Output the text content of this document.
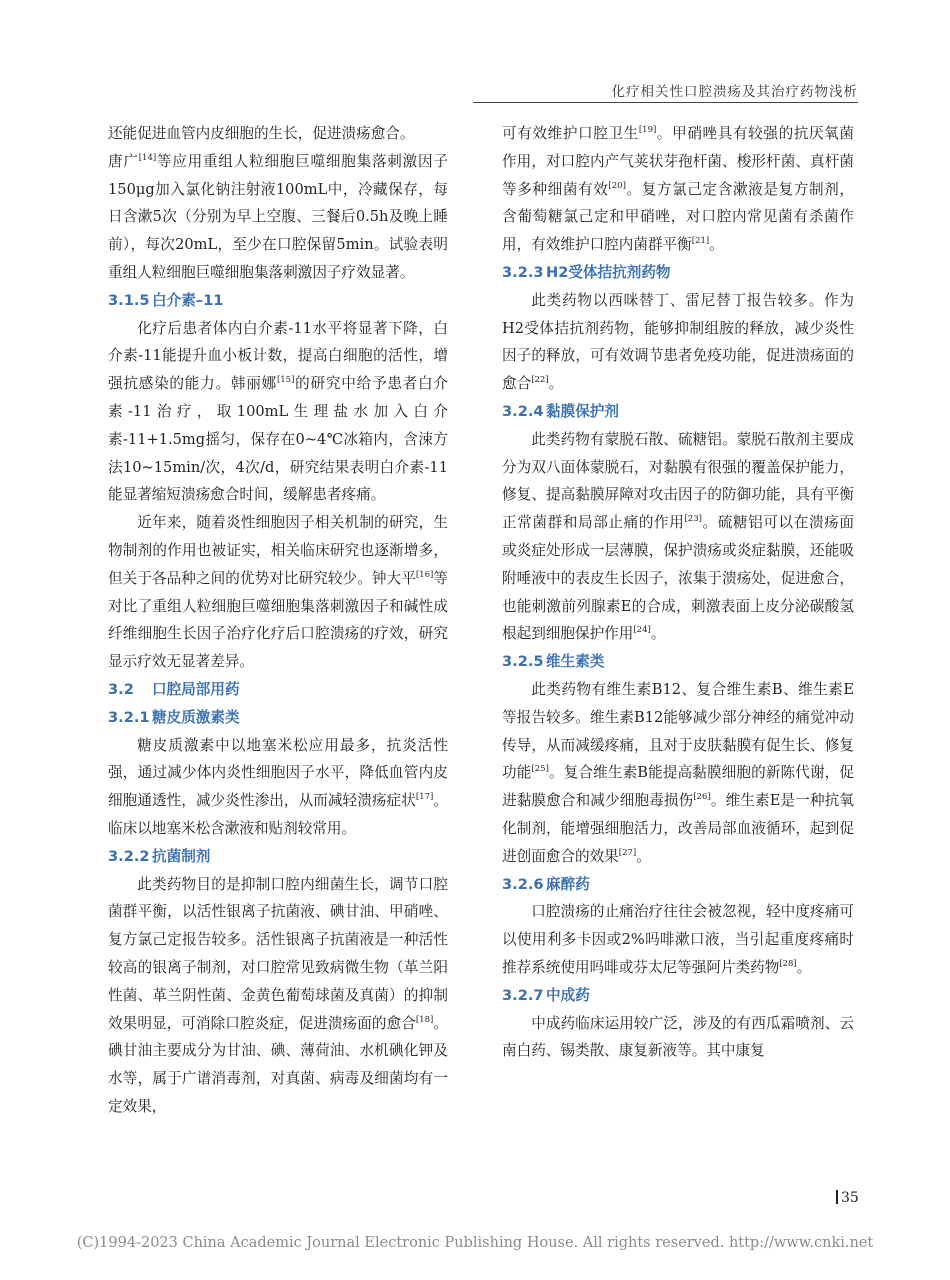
化疗相关性口腔溃疡及其治疗药物浅析

还能促进血管内皮细胞的生长，促进溃疡愈合。

唐广[14]等应用重组人粒细胞巨噬细胞集落刺激因子150μg加入氯化钠注射液100mL中，冷藏保存，每日含漱5次（分别为早上空腹、三餐后0.5h及晚上睡前），每次20mL，至少在口腔保留5min。试验表明重组人粒细胞巨噬细胞集落刺激因子疗效显著。

3.1.5 白介素–11

化疗后患者体内白介素-11水平将显著下降，白介素-11能提升血小板计数，提高白细胞的活性，增强抗感染的能力。韩丽娜[15]的研究中给予患者白介素-11治疗，取100mL生理盐水加入白介素-11+1.5mg摇匀，保存在0~4℃冰箱内，含涑方法10~15min/次，4次/d，研究结果表明白介素-11能显著缩短溃疡愈合时间，缓解患者疼痛。

近年来，随着炎性细胞因子相关机制的研究，生物制剂的作用也被证实，相关临床研究也逐渐增多，但关于各品种之间的优势对比研究较少。钟大平[16]等对比了重组人粒细胞巨噬细胞集落刺激因子和碱性成纤维细胞生长因子治疗化疗后口腔溃疡的疗效，研究显示疗效无显著差异。

3.2 口腔局部用药
3.2.1 糖皮质激素类

糖皮质激素中以地塞米松应用最多，抗炎活性强，通过减少体内炎性细胞因子水平，降低血管内皮细胞通透性，减少炎性渗出，从而减轻溃疡症状[17]。临床以地塞米松含漱液和贴剂较常用。

3.2.2 抗菌制剂

此类药物目的是抑制口腔内细菌生长，调节口腔菌群平衡，以活性银离子抗菌液、碘甘油、甲硝唑、复方氯己定报告较多。活性银离子抗菌液是一种活性较高的银离子制剂，对口腔常见致病微生物（革兰阳性菌、革兰阴性菌、金黄色葡萄球菌及真菌）的抑制效果明显，可消除口腔炎症，促进溃疡面的愈合[18]。碘甘油主要成分为甘油、碘、薄荷油、水机碘化钾及水等，属于广谱消毒剂，对真菌、病毒及细菌均有一定效果，

可有效维护口腔卫生[19]。甲硝唑具有较强的抗厌氧菌作用，对口腔内产气荚状芽孢杆菌、梭形杆菌、真杆菌等多种细菌有效[20]。复方氯己定含漱液是复方制剂，含葡萄糖氯己定和甲硝唑，对口腔内常见菌有杀菌作用，有效维护口腔内菌群平衡[21]。

3.2.3 H2受体拮抗剂药物

此类药物以西咪替丁、雷尼替丁报告较多。作为H2受体拮抗剂药物，能够抑制组胺的释放，减少炎性因子的释放，可有效调节患者免疫功能，促进溃疡面的愈合[22]。

3.2.4 黏膜保护剂

此类药物有蒙脱石散、硫糖铝。蒙脱石散剂主要成分为双八面体蒙脱石，对黏膜有很强的覆盖保护能力，修复、提高黏膜屏障对攻击因子的防御功能，具有平衡正常菌群和局部止痛的作用[23]。硫糖铝可以在溃疡面或炎症处形成一层薄膜，保护溃疡或炎症黏膜，还能吸附唾液中的表皮生长因子，浓集于溃疡处，促进愈合，也能刺激前列腺素E的合成，刺激表面上皮分泌碳酸氢根起到细胞保护作用[24]。

3.2.5 维生素类

此类药物有维生素B12、复合维生素B、维生素E等报告较多。维生素B12能够减少部分神经的痛觉冲动传导，从而减缓疼痛，且对于皮肤黏膜有促生长、修复功能[25]。复合维生素B能提高黏膜细胞的新陈代谢，促进黏膜愈合和减少细胞毒损伤[26]。维生素E是一种抗氧化制剂，能增强细胞活力，改善局部血液循环，起到促进创面愈合的效果[27]。

3.2.6 麻醉药

口腔溃疡的止痛治疗往往会被忽视，轻中度疼痛可以使用利多卡因或2%吗啡漱口液，当引起重度疼痛时推荐系统使用吗啡或芬太尼等强阿片类药物[28]。

3.2.7 中成药

中成药临床运用较广泛，涉及的有西瓜霜喷剂、云南白药、锡类散、康复新液等。其中康复

35
(C)1994-2023 China Academic Journal Electronic Publishing House. All rights reserved. http://www.cnki.net
